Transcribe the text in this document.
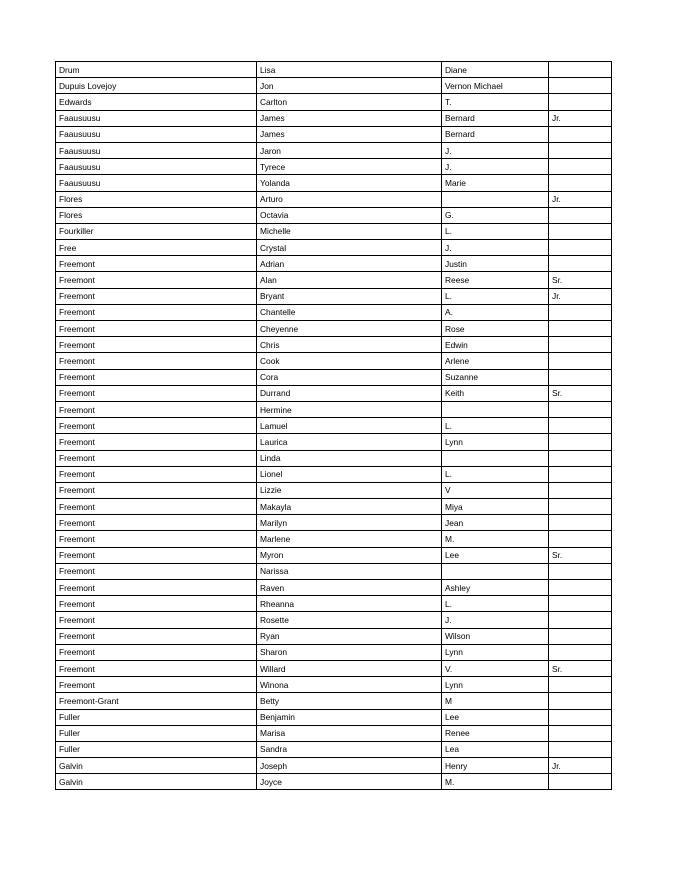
Drum	Lisa	Diane	
Dupuis Lovejoy	Jon	Vernon Michael	
Edwards	Carlton	T.	
Faausuusu	James	Bernard	Jr.
Faausuusu	James	Bernard	
Faausuusu	Jaron	J.	
Faausuusu	Tyrece	J.	
Faausuusu	Yolanda	Marie	
Flores	Arturo		Jr.
Flores	Octavia	G.	
Fourkiller	Michelle	L.	
Free	Crystal	J.	
Freemont	Adrian	Justin	
Freemont	Alan	Reese	Sr.
Freemont	Bryant	L.	Jr.
Freemont	Chantelle	A.	
Freemont	Cheyenne	Rose	
Freemont	Chris	Edwin	
Freemont	Cook	Arlene	
Freemont	Cora	Suzanne	
Freemont	Durrand	Keith	Sr.
Freemont	Hermine		
Freemont	Lamuel	L.	
Freemont	Laurica	Lynn	
Freemont	Linda		
Freemont	Lionel	L.	
Freemont	Lizzie	V	
Freemont	Makayla	Miya	
Freemont	Marilyn	Jean	
Freemont	Marlene	M.	
Freemont	Myron	Lee	Sr.
Freemont	Narissa		
Freemont	Raven	Ashley	
Freemont	Rheanna	L.	
Freemont	Rosette	J.	
Freemont	Ryan	Wilson	
Freemont	Sharon	Lynn	
Freemont	Willard	V.	Sr.
Freemont	Winona	Lynn	
Freemont-Grant	Betty	M	
Fuller	Benjamin	Lee	
Fuller	Marisa	Renee	
Fuller	Sandra	Lea	
Galvin	Joseph	Henry	Jr.
Galvin	Joyce	M.	
